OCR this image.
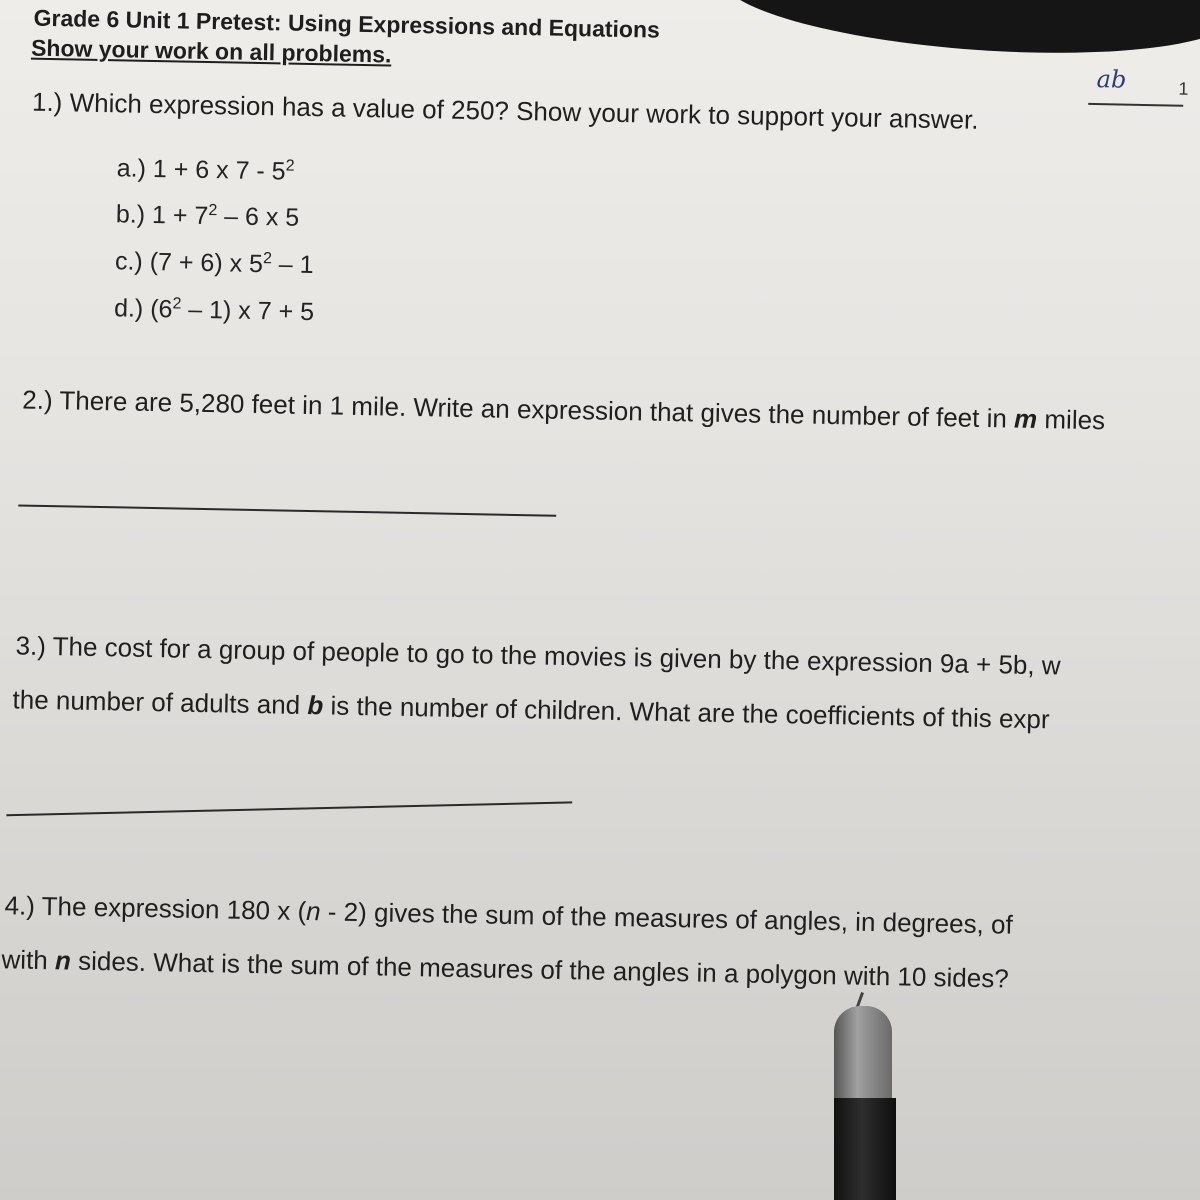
Grade 6 Unit 1 Pretest: Using Expressions and Equations
Show your work on all problems.
ab	1
1.) Which expression has a value of 250? Show your work to support your answer.
a.) 1 + 6 x $7 - 5^2$
b.) $1 + 7^2 - 6$ x 5
c.) (7 + 6) x $5^2 - 1$
d.) $(6^2 - 1)$ x 7 + 5
2.) There are 5,280 feet in 1 mile. Write an expression that gives the number of feet in m miles
3.) The cost for a group of people to go to the movies is given by the expression 9a + 5b, w
the number of adults and b is the number of children. What are the coefficients of this expr
4.) The expression 180 x (n - 2) gives the sum of the measures of angles, in degrees, of
with n sides. What is the sum of the measures of the angles in a polygon with 10 sides?
